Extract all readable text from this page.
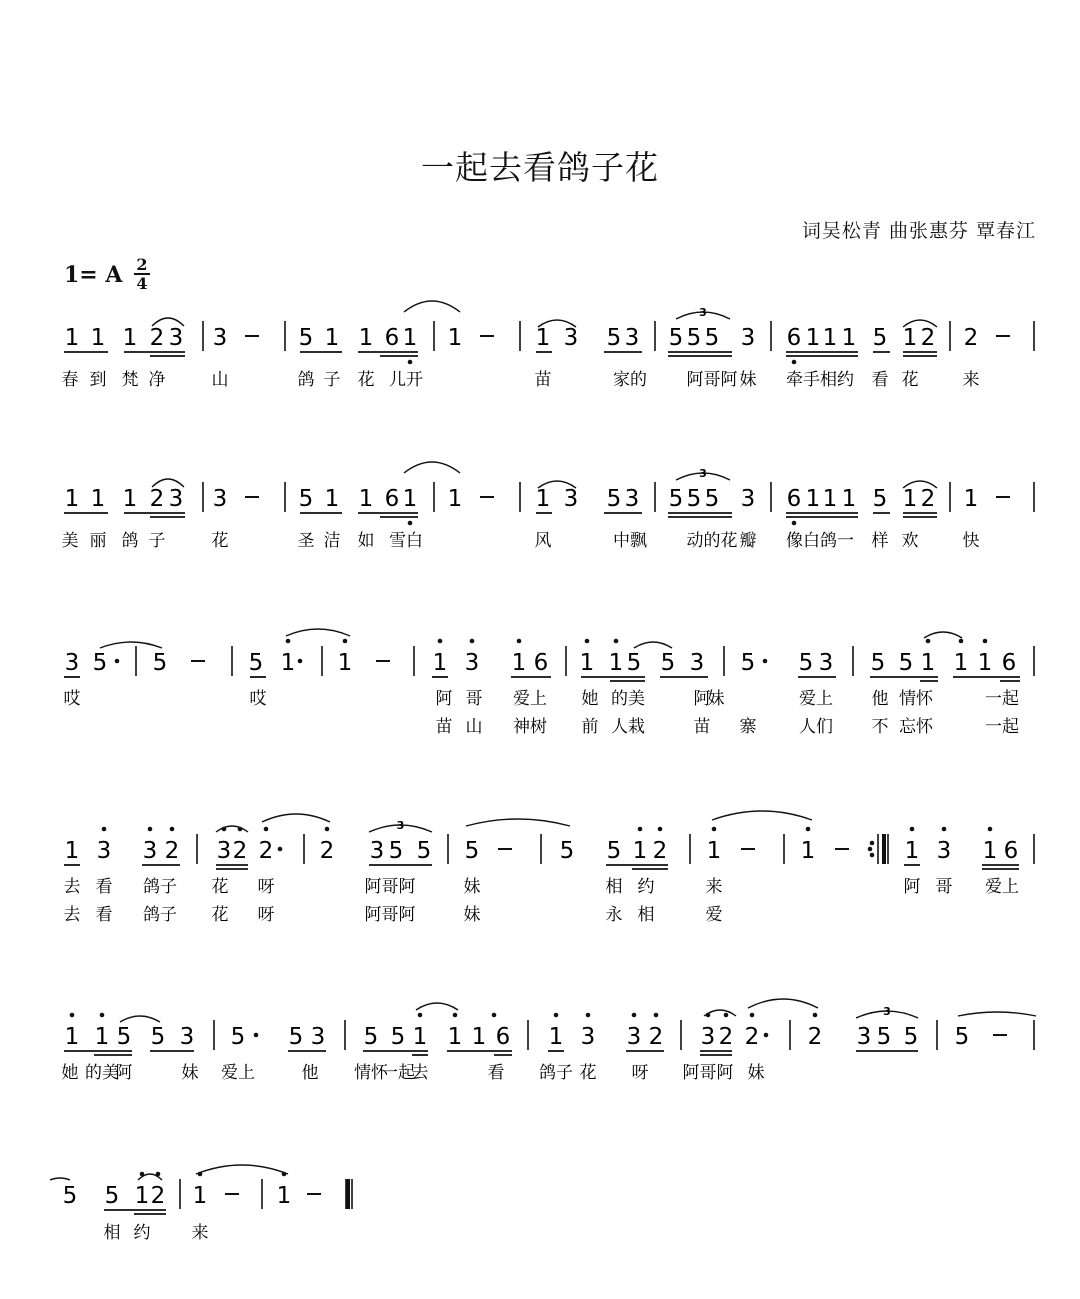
一起去看鸽子花
词吴松青 曲张惠芬 覃春江
1= A 2
4
1 1 1 2 3 3	5 1 1 6 1 1	1 3 5 3 5 5 5 3 6 1 1 1 5 1 2 2
3
春 到 梵 净	山	鸽 子 花 儿开	苗	家的 阿哥阿 妹 牵手相约 看 花	来
1 1 1 2 3 3	5 1 1 6 1 1	1 3 5 3 5 5 5 3 6 1 1 1 5 1 2 1
3
美 丽 鸽 子	花	圣 洁 如 雪白	风	中飘 动的花 瓣 像白鸽一 样 欢	快
3 5 5	5 1 1	1 3 1 6 1 1 5 5 3 5 5 3 5 5 1 1 1 6
哎	哎	阿 哥 爱上 她 的美	阿
妹	爱上 他 情怀	一起
苗 山 神树 前 人栽	苗 寨	人们 不 忘怀	一起
1 3 3 2 3 2 2 2 3 5 5 5	5 5 1 2 1	1	1 3 1 6
3
去 看 鸽子 花 呀	阿哥阿	妹	相 约	来	阿 哥 爱上
去 看 鸽子 花 呀	阿哥阿	妹	永 相	爱
1 1 5 5 3 5 5 3 5 5 1 1 1 6 1 3 3 2 3 2 2 2 3 5 5 5
3
她 的美
阿	妹 爱上	他 情怀
一起
去	看 鸽子 花 呀 阿哥阿 妹
5 5 1 2 1	1
相 约 来
